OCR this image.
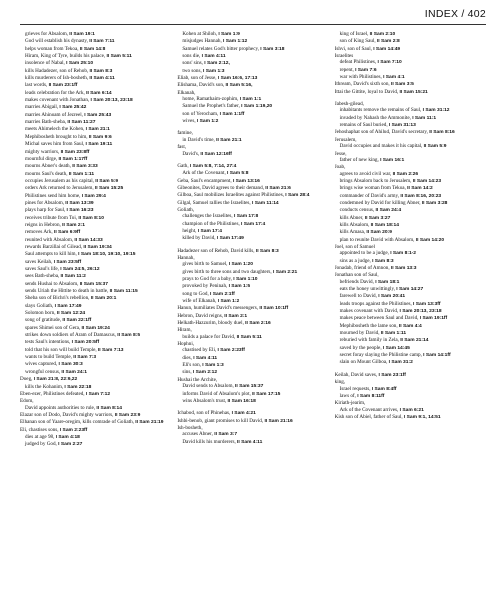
INDEX / 402
grieves for Absalom, II Sam 19:1
God will establish his dynasty, II Sam 7:11
helps woman from Tekoa, II Sam 14:8
Hiram, King of Tyre, builds his palace, II Sam 5:11
insolence of Nabal, I Sam 25:10
kills Hadadezer, son of Rehob, II Sam 8:3
kills murderers of Ish-bosheth, II Sam 4:11
last words, II Sam 23:1ff
leads celebration for the Ark, II Sam 6:14
makes covenant with Jonathan, I Sam 20:13, 23:18
marries Abigail, I Sam 25:42
marries Ahinoam of Jezreel, I Sam 25:43
marries Bath-sheba, II Sam 11:27
meets Ahimelech the Kohen, I Sam 21:1
Mephibosheth brought to him, II Sam 9:6
Michal saves him from Saul, I Sam 19:11
mighty warriors, II Sam 23:8ff
mournful dirge, II Sam 1:17ff
mourns Abner's death, II Sam 3:33
mourns Saul's death, II Sam 1:11
occupies Jerusalem as his capital, II Sam 5:9
orders Ark returned to Jerusalem, II Sam 15:25
Philistines send him home, I Sam 29:4
pines for Absalom, II Sam 13:39
plays harp for Saul, I Sam 16:23
receives tribute from Toi, II Sam 8:10
reigns in Hebron, II Sam 2:1
removes Ark, II Sam 6:9ff
reunited with Absalom, II Sam 14:33
rewards Barzillai of Gilead, II Sam 19:34
Saul attempts to kill him, I Sam 18:10, 19:10, 19:15
saves Keilah, I Sam 23:5ff
saves Saul's life, I Sam 24:5, 26:12
sees Bath-sheba, II Sam 11:2
sends Hushai to Absalom, II Sam 15:37
sends Uriah the Hittite to death in battle, II Sam 11:15
Sheba son of Bichri's rebellion, II Sam 20:1
slays Goliath, I Sam 17:49
Solomon born, II Sam 12:24
song of gratitude, II Sam 22:1ff
spares Shimei son of Gera, II Sam 19:24
strikes down soldiers of Aram of Damascus, II Sam 8:5
tests Saul's intentions, I Sam 20:5ff
told that his son will build Temple, II Sam 7:13
wants to build Temple, II Sam 7:3
wives captured, I Sam 30:3
wrongful census, II Sam 24:1
Doeg, I Sam 21:8, 22:9,22
kills the Kohanim, I Sam 22:18
Eben-ezer, Philistines defeated, I Sam 7:12
Edom,
David appoints authorities to rule, II Sam 8:14
Elazar son of Dodo, David's mighty warriors, II Sam 23:9
Elhanan son of Yaare-oregim, kills comrade of Goliath, II Sam 21:19
Eli, chastises sons, I Sam 2:23ff
dies at age 98, I Sam 4:18
judged by God, I Sam 2:27
Kohen at Shiloh, I Sam 1:9
misjudges Hannah, I Sam 1:12
Samuel relates God's bitter prophecy, I Sam 3:18
sons die, I Sam 4:11
sons' sins, I Sam 2:12,
two sons, I Sam 1:3
Eliab, son of Jesse, I Sam 16:6, 17:13
Elishama, David's son, II Sam 5:16,
Elkanah,
home, Ramathaim-zophim, I Sam 1:1
Samuel the Prophet's father, I Sam 1:19,20
son of Yerocham, I Sam 1:1ff
wives, I Sam 1:2
famine,
in David's time, II Sam 21:1
fast,
David's, II Sam 12:16ff
Gath, I Sam 5:8, 7:14, 27:4
Ark of the Covenant, I Sam 5:8
Geba, Saul's encampment, I Sam 13:16
Gibeonites, David agrees to their demand, II Sam 21:6
Gilboa, Saul mobilizes Israelites against Philistines, I Sam 28:4
Gilgal, Samuel rallies the Israelites, I Sam 11:14
Goliath,
challenges the Israelites, I Sam 17:8
champion of the Philistines, I Sam 17:4
height, I Sam 17:4
killed by David, I Sam 17:49
Hadadezer son of Rehob, David kills, II Sam 8:3
Hannah,
gives birth to Samuel, I Sam 1:20
gives birth to three sons and two daughters, I Sam 2:21
prays to God for a baby, I Sam 1:10
provoked by Peninah, I Sam 1:5
song to God, I Sam 2:1ff
wife of Elkanah, I Sam 1:2
Hanun, humiliates David's messengers, II Sam 10:1ff
Hebron, David reigns, II Sam 2:1
Helkath-Hazzurim, bloody duel, II Sam 2:16
Hiram,
builds a palace for David, II Sam 5:11
Hophni,
chastised by Eli, I Sam 2:23ff
dies, I Sam 4:11
Eli's son, I Sam 1:3
sins, I Sam 2:12
Hushai the Archite,
David sends to Absalom, II Sam 15:37
informs David of Absalom's plot, II Sam 17:15
wins Absalom's trust, II Sam 16:18
Ichabod, son of Phinehas, I Sam 4:21
Ishbi-benob, giant promises to kill David, II Sam 21:16
Ish-bosheth,
accuses Abner, II Sam 3:7
David kills his murderers, II Sam 4:11
king of Israel, II Sam 2:10
son of King Saul, II Sam 2:8
Ishvi, son of Saul, I Sam 14:49
Israelites
defeat Philistines, I Sam 7:10
repent, I Sam 7:6
war with Philistines, I Sam 4:1
Ithream, David's sixth son, II Sam 3:5
Ittai the Gittite, loyal to David, II Sam 15:21
Jabesh-gilead,
inhabitants remove the remains of Saul, I Sam 31:12
invaded by Nahash the Ammonite, I Sam 11:1
remains of Saul buried, I Sam 31:13
Jehoshaphat son of Ahilud, David's secretary, II Sam 8:16
Jerusalem,
David occupies and makes it his capital, II Sam 5:9
Jesse,
father of new king, I Sam 16:1
Joab,
agrees to avoid civil war, II Sam 2:26
brings Absalom back to Jerusalem, II Sam 14:23
brings wise woman from Tekoa, II Sam 14:2
commander of David's army, II Sam 8:16, 20:23
condemned by David for killing Abner, II Sam 3:28
conducts census, II Sam 24:4
kills Abner, II Sam 3:27
kills Absalom, II Sam 18:14
kills Amasa, II Sam 20:9
plan to reunite David with Absalom, II Sam 14:20
Joel, son of Samuel
appointed to be a judge, I Sam 8:1-2
sins as a judge, I Sam 8:3
Jonadab, friend of Amnon, II Sam 13:3
Jonathan son of Saul,
befriends David, I Sam 18:1
eats the honey unwittingly, I Sam 14:27
farewell to David, I Sam 20:41
leads troops against the Philistines, I Sam 13:3ff
makes covenant with David, I Sam 20:13, 23:18
makes peace between Saul and David, I Sam 19:1ff
Mephibosheth the lame son, II Sam 4:4
mourned by David, II Sam 1:11
reburied with family in Zela, II Sam 21:14
saved by the people, I Sam 14:45
secret foray slaying the Philistine camp, I Sam 14:1ff
slain on Mount Gilboa, I Sam 31:2
Keilah, David saves, I Sam 23:1ff
king,
Israel requests, I Sam 8:4ff
laws of, I Sam 8:11ff
Kiriath-jearim,
Ark of the Covenant arrives, I Sam 6:21
Kish son of Abiel, father of Saul, I Sam 9:1, 14:51
